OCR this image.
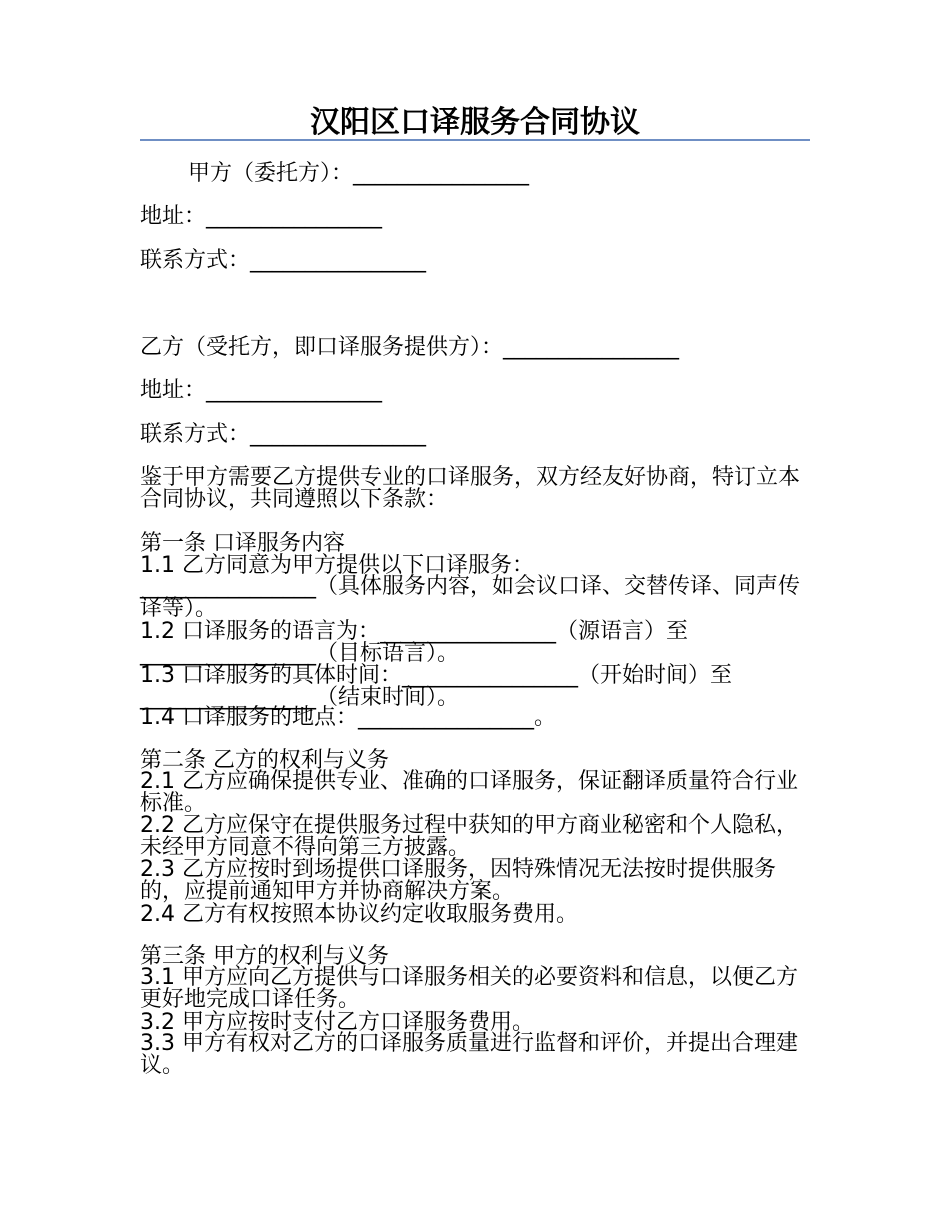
汉阳区口译服务合同协议
甲方（委托方）：________________
地址：________________
联系方式：________________
乙方（受托方，即口译服务提供方）：________________
地址：________________
联系方式：________________
鉴于甲方需要乙方提供专业的口译服务，双方经友好协商，特订立本合同协议，共同遵照以下条款：
第一条 口译服务内容
1.1 乙方同意为甲方提供以下口译服务：
________________（具体服务内容，如会议口译、交替传译、同声传译等）。
1.2 口译服务的语言为：________________（源语言）至
________________（目标语言）。
1.3 口译服务的具体时间：________________（开始时间）至
________________（结束时间）。
1.4 口译服务的地点：________________。
第二条 乙方的权利与义务
2.1 乙方应确保提供专业、准确的口译服务，保证翻译质量符合行业标准。
2.2 乙方应保守在提供服务过程中获知的甲方商业秘密和个人隐私，未经甲方同意不得向第三方披露。
2.3 乙方应按时到场提供口译服务，因特殊情况无法按时提供服务的，应提前通知甲方并协商解决方案。
2.4 乙方有权按照本协议约定收取服务费用。
第三条 甲方的权利与义务
3.1 甲方应向乙方提供与口译服务相关的必要资料和信息，以便乙方更好地完成口译任务。
3.2 甲方应按时支付乙方口译服务费用。
3.3 甲方有权对乙方的口译服务质量进行监督和评价，并提出合理建议。
